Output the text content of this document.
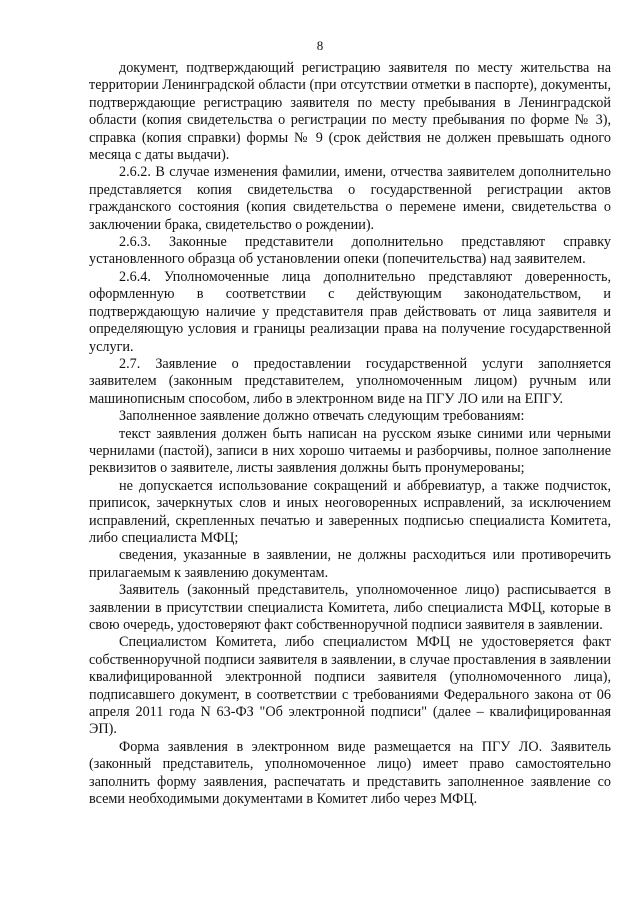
8

документ, подтверждающий регистрацию заявителя по месту жительства на территории Ленинградской области (при отсутствии отметки в паспорте), документы, подтверждающие регистрацию заявителя по месту пребывания в Ленинградской области (копия свидетельства о регистрации по месту пребывания по форме № 3), справка (копия справки) формы № 9 (срок действия не должен превышать одного месяца с даты выдачи).

2.6.2. В случае изменения фамилии, имени, отчества заявителем дополнительно представляется копия свидетельства о государственной регистрации актов гражданского состояния (копия свидетельства о перемене имени, свидетельства о заключении брака, свидетельство о рождении).

2.6.3. Законные представители дополнительно представляют справку установленного образца об установлении опеки (попечительства) над заявителем.

2.6.4. Уполномоченные лица дополнительно представляют доверенность, оформленную в соответствии с действующим законодательством, и подтверждающую наличие у представителя прав действовать от лица заявителя и определяющую условия и границы реализации права на получение государственной услуги.

2.7. Заявление о предоставлении государственной услуги заполняется заявителем (законным представителем, уполномоченным лицом) ручным или машинописным способом, либо в электронном виде на ПГУ ЛО или на ЕПГУ.

Заполненное заявление должно отвечать следующим требованиям:

текст заявления должен быть написан на русском языке синими или черными чернилами (пастой), записи в них хорошо читаемы и разборчивы, полное заполнение реквизитов о заявителе, листы заявления должны быть пронумерованы;

не допускается использование сокращений и аббревиатур, а также подчисток, приписок, зачеркнутых слов и иных неоговоренных исправлений, за исключением исправлений, скрепленных печатью и заверенных подписью специалиста Комитета, либо специалиста МФЦ;

сведения, указанные в заявлении, не должны расходиться или противоречить прилагаемым к заявлению документам.

Заявитель (законный представитель, уполномоченное лицо) расписывается в заявлении в присутствии специалиста Комитета, либо специалиста МФЦ, которые в свою очередь, удостоверяют факт собственноручной подписи заявителя в заявлении.

Специалистом Комитета, либо специалистом МФЦ не удостоверяется факт собственноручной подписи заявителя в заявлении, в случае проставления в заявлении квалифицированной электронной подписи заявителя (уполномоченного лица), подписавшего документ, в соответствии с требованиями Федерального закона от 06 апреля 2011 года N 63-ФЗ "Об электронной подписи" (далее – квалифицированная ЭП).

Форма заявления в электронном виде размещается на ПГУ ЛО. Заявитель (законный представитель, уполномоченное лицо) имеет право самостоятельно заполнить форму заявления, распечатать и представить заполненное заявление со всеми необходимыми документами в Комитет либо через МФЦ.
